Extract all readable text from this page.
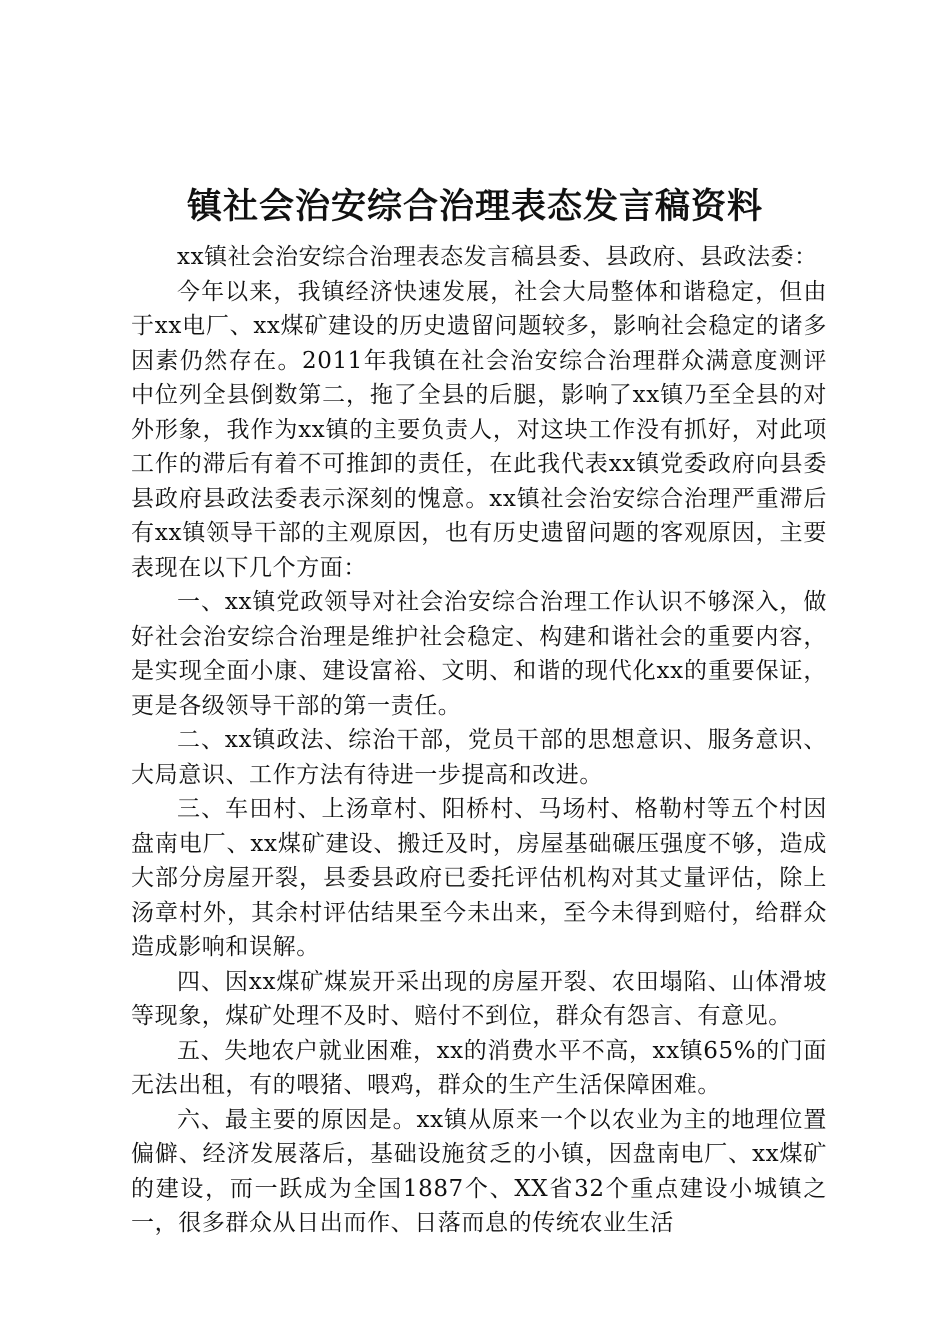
镇社会治安综合治理表态发言稿资料

xx镇社会治安综合治理表态发言稿县委、县政府、县政法委：

今年以来，我镇经济快速发展，社会大局整体和谐稳定，但由于xx电厂、xx煤矿建设的历史遗留问题较多，影响社会稳定的诸多因素仍然存在。2011年我镇在社会治安综合治理群众满意度测评中位列全县倒数第二，拖了全县的后腿，影响了xx镇乃至全县的对外形象，我作为xx镇的主要负责人，对这块工作没有抓好，对此项工作的滞后有着不可推卸的责任，在此我代表xx镇党委政府向县委县政府县政法委表示深刻的愧意。xx镇社会治安综合治理严重滞后有xx镇领导干部的主观原因，也有历史遗留问题的客观原因，主要表现在以下几个方面：

一、xx镇党政领导对社会治安综合治理工作认识不够深入，做好社会治安综合治理是维护社会稳定、构建和谐社会的重要内容，是实现全面小康、建设富裕、文明、和谐的现代化xx的重要保证，更是各级领导干部的第一责任。

二、xx镇政法、综治干部，党员干部的思想意识、服务意识、大局意识、工作方法有待进一步提高和改进。

三、车田村、上汤章村、阳桥村、马场村、格勒村等五个村因盘南电厂、xx煤矿建设、搬迁及时，房屋基础碾压强度不够，造成大部分房屋开裂，县委县政府已委托评估机构对其丈量评估，除上汤章村外，其余村评估结果至今未出来，至今未得到赔付，给群众造成影响和误解。

四、因xx煤矿煤炭开采出现的房屋开裂、农田塌陷、山体滑坡等现象，煤矿处理不及时、赔付不到位，群众有怨言、有意见。

五、失地农户就业困难，xx的消费水平不高，xx镇65%的门面无法出租，有的喂猪、喂鸡，群众的生产生活保障困难。

六、最主要的原因是。xx镇从原来一个以农业为主的地理位置偏僻、经济发展落后，基础设施贫乏的小镇，因盘南电厂、xx煤矿的建设，而一跃成为全国1887个、XX省32个重点建设小城镇之一，很多群众从日出而作、日落而息的传统农业生活
